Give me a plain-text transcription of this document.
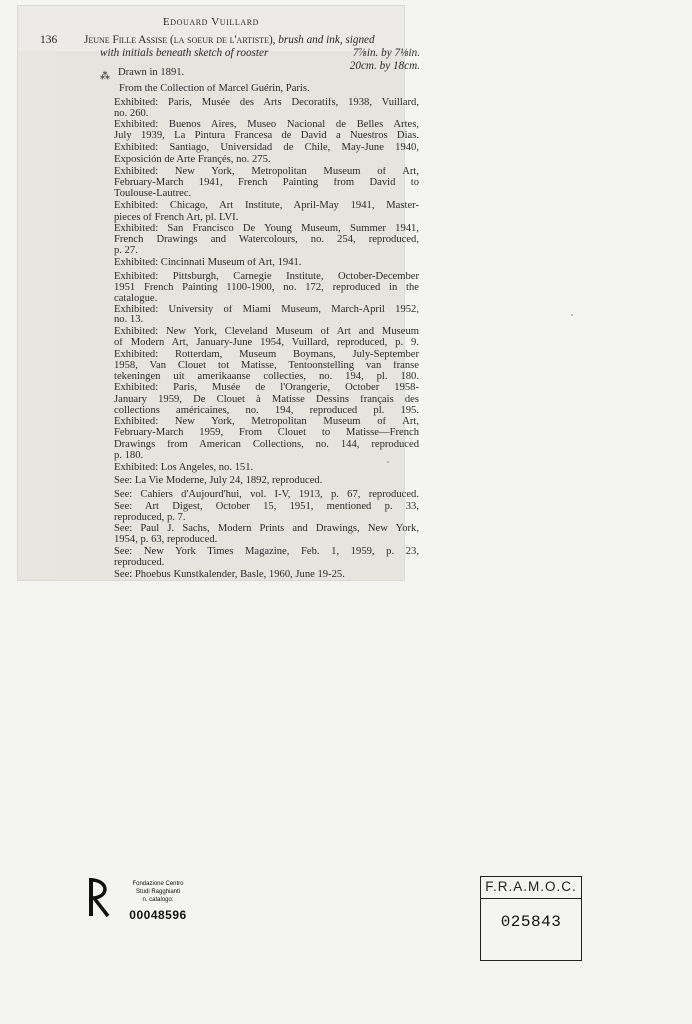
Edouard Vuillard
136 Jeune Fille Assise (la soeur de l'artiste), brush and ink, signed
with initials beneath sketch of rooster	7⅞in. by 7⅛in.
20cm. by 18cm.
⁂ Drawn in 1891.
From the Collection of Marcel Guérin, Paris.
Exhibited: Paris, Musée des Arts Decoratifs, 1938, Vuillard,
no. 260.
Exhibited: Buenos Aires, Museo Nacional de Belles Artes,
July 1939, La Pintura Francesa de David a Nuestros Dias.
Exhibited: Santiago, Universidad de Chile, May-June 1940,
Exposición de Arte Françés, no. 275.
Exhibited: New York, Metropolitan Museum of Art,
February-March 1941, French Painting from David to
Toulouse-Lautrec.
Exhibited: Chicago, Art Institute, April-May 1941, Master-
pieces of French Art, pl. LVI.
Exhibited: San Francisco De Young Museum, Summer 1941,
French Drawings and Watercolours, no. 254, reproduced,
p. 27.
Exhibited: Cincinnati Museum of Art, 1941.
Exhibited: Pittsburgh, Carnegie Institute, October-December
1951 French Painting 1100-1900, no. 172, reproduced in the
catalogue.
Exhibited: University of Miami Museum, March-April 1952,
no. 13.
Exhibited: New York, Cleveland Museum of Art and Museum
of Modern Art, January-June 1954, Vuillard, reproduced, p. 9.
Exhibited: Rotterdam, Museum Boymans, July-September
1958, Van Clouet tot Matisse, Tentoonstelling van franse
tekeningen uit amerikaanse collecties, no. 194, pl. 180.
Exhibited: Paris, Musée de l'Orangerie, October 1958-
January 1959, De Clouet à Matisse Dessins français des
collections américaines, no. 194, reproduced pl. 195.
Exhibited: New York, Metropolitan Museum of Art,
February-March 1959, From Clouet to Matisse—French
Drawings from American Collections, no. 144, reproduced
p. 180.
Exhibited: Los Angeles, no. 151.
See: La Vie Moderne, July 24, 1892, reproduced.
See: Cahiers d'Aujourd'hui, vol. I-V, 1913, p. 67, reproduced.
See: Art Digest, October 15, 1951, mentioned p. 33,
reproduced, p. 7.
See: Paul J. Sachs, Modern Prints and Drawings, New York,
1954, p. 63, reproduced.
See: New York Times Magazine, Feb. 1, 1959, p. 23,
reproduced.
See: Phoebus Kunstkalender, Basle, 1960, June 19-25.
Fondazione Centro
Studi Ragghianti
n. catalogo:
00048596
F.R.A.M.O.C.
025843
